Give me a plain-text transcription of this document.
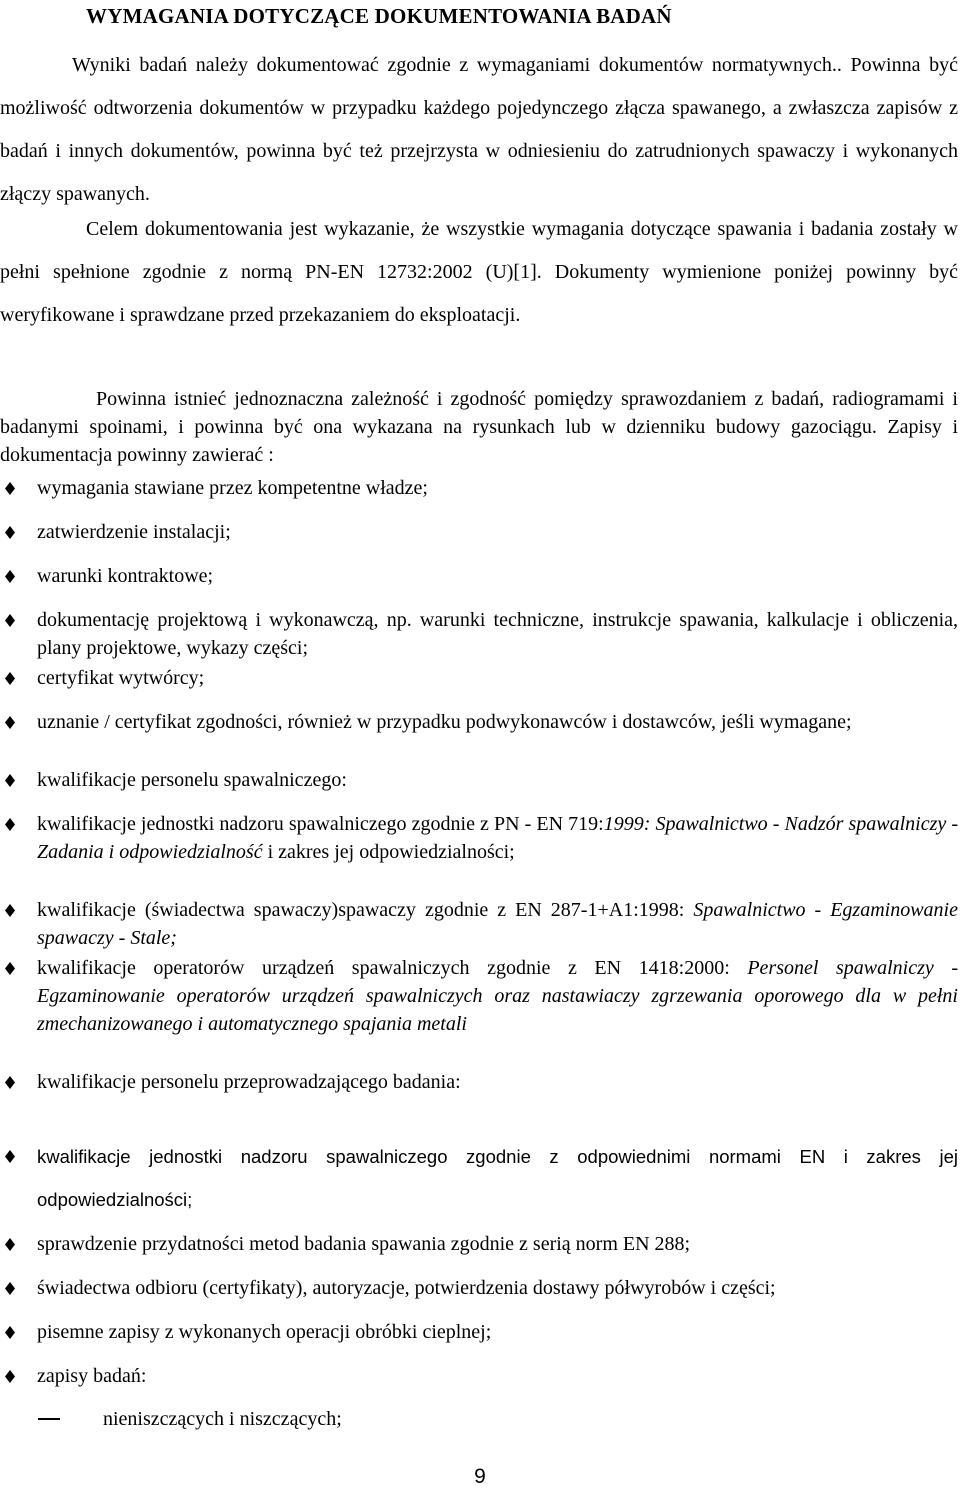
WYMAGANIA DOTYCZĄCE DOKUMENTOWANIA BADAŃ

Wyniki badań należy dokumentować zgodnie z wymaganiami dokumentów normatywnych.. Powinna być możliwość odtworzenia dokumentów w przypadku każdego pojedynczego złącza spawanego, a zwłaszcza zapisów z badań i innych dokumentów, powinna być też przejrzysta w odniesieniu do zatrudnionych spawaczy i wykonanych złączy spawanych.

Celem dokumentowania jest wykazanie, że wszystkie wymagania dotyczące spawania i badania zostały w pełni spełnione zgodnie z normą PN-EN 12732:2002 (U)[1]. Dokumenty wymienione poniżej powinny być weryfikowane i sprawdzane przed przekazaniem do eksploatacji.

Powinna istnieć jednoznaczna zależność i zgodność pomiędzy sprawozdaniem z badań, radiogramami i badanymi spoinami, i powinna być ona wykazana na rysunkach lub w dzienniku budowy gazociągu. Zapisy i dokumentacja powinny zawierać :

wymagania stawiane przez kompetentne władze;
zatwierdzenie instalacji;
warunki kontraktowe;
dokumentację projektową i wykonawczą, np. warunki techniczne, instrukcje spawania, kalkulacje i obliczenia, plany projektowe, wykazy części;
certyfikat wytwórcy;
uznanie / certyfikat zgodności, również w przypadku podwykonawców i dostawców, jeśli wymagane;
kwalifikacje personelu spawalniczego:
kwalifikacje jednostki nadzoru spawalniczego zgodnie z PN - EN 719:1999: Spawalnictwo - Nadzór spawalniczy - Zadania i odpowiedzialność i zakres jej odpowiedzialności;
kwalifikacje (świadectwa spawaczy)spawaczy zgodnie z EN 287-1+A1:1998: Spawalnictwo - Egzaminowanie spawaczy - Stale;
kwalifikacje operatorów urządzeń spawalniczych zgodnie z EN 1418:2000: Personel spawalniczy - Egzaminowanie operatorów urządzeń spawalniczych oraz nastawiaczy zgrzewania oporowego dla w pełni zmechanizowanego i automatycznego spajania metali
kwalifikacje personelu przeprowadzającego badania:
kwalifikacje jednostki nadzoru spawalniczego zgodnie z odpowiednimi normami EN i zakres jej odpowiedzialności;
sprawdzenie przydatności metod badania spawania zgodnie z serią norm EN 288;
świadectwa odbioru (certyfikaty), autoryzacje, potwierdzenia dostawy półwyrobów i części;
pisemne zapisy z wykonanych operacji obróbki cieplnej;
zapisy badań:
nieniszczących i niszczących;
9
